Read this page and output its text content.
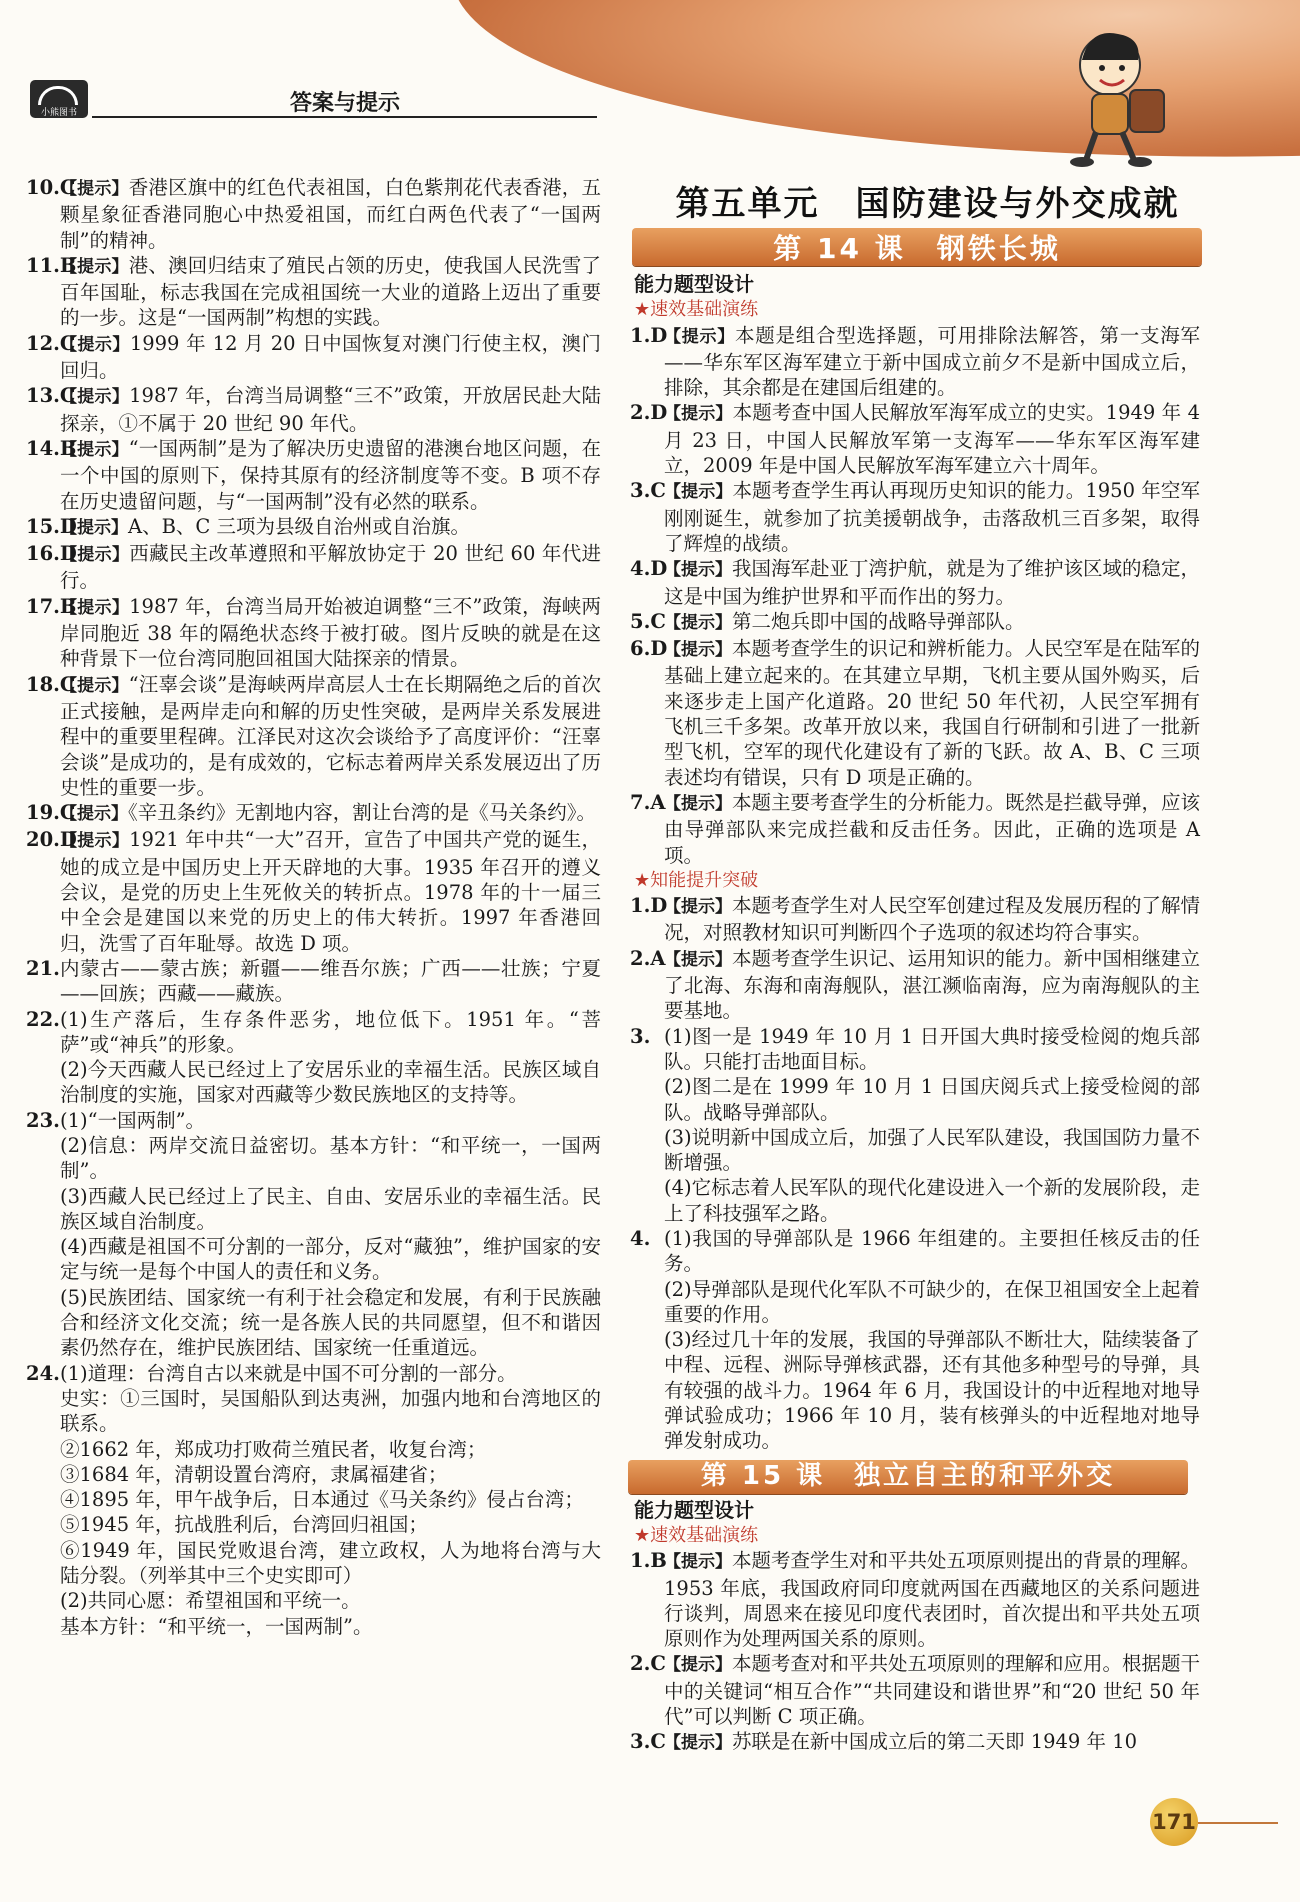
小熊图书	答案与提示

10.C
【提示】香港区旗中的红色代表祖国，白色紫荆花代表香港，五颗星象征香港同胞心中热爱祖国，而红白两色代表了“一国两制”的精神。

11.B
【提示】港、澳回归结束了殖民占领的历史，使我国人民洗雪了百年国耻，标志我国在完成祖国统一大业的道路上迈出了重要的一步。这是“一国两制”构想的实践。

12.C
【提示】1999 年 12 月 20 日中国恢复对澳门行使主权，澳门回归。

13.C
【提示】1987 年，台湾当局调整“三不”政策，开放居民赴大陆探亲，①不属于 20 世纪 90 年代。

14.B
【提示】“一国两制”是为了解决历史遗留的港澳台地区问题，在一个中国的原则下，保持其原有的经济制度等不变。B 项不存在历史遗留问题，与“一国两制”没有必然的联系。

15.D
【提示】A、B、C 三项为县级自治州或自治旗。

16.D
【提示】西藏民主改革遵照和平解放协定于 20 世纪 60 年代进行。

17.B
【提示】1987 年，台湾当局开始被迫调整“三不”政策，海峡两岸同胞近 38 年的隔绝状态终于被打破。图片反映的就是在这种背景下一位台湾同胞回祖国大陆探亲的情景。

18.C
【提示】“汪辜会谈”是海峡两岸高层人士在长期隔绝之后的首次正式接触，是两岸走向和解的历史性突破，是两岸关系发展进程中的重要里程碑。江泽民对这次会谈给予了高度评价：“汪辜会谈”是成功的，是有成效的，它标志着两岸关系发展迈出了历史性的重要一步。

19.C
【提示】《辛丑条约》无割地内容，割让台湾的是《马关条约》。

20.D
【提示】1921 年中共“一大”召开，宣告了中国共产党的诞生，她的成立是中国历史上开天辟地的大事。1935 年召开的遵义会议，是党的历史上生死攸关的转折点。1978 年的十一届三中全会是建国以来党的历史上的伟大转折。1997 年香港回归，洗雪了百年耻辱。故选 D 项。

21. 内蒙古——蒙古族；新疆——维吾尔族；广西——壮族；宁夏——回族；西藏——藏族。

22. (1)生产落后，生存条件恶劣，地位低下。1951 年。“菩萨”或“神兵”的形象。

(2)今天西藏人民已经过上了安居乐业的幸福生活。民族区域自治制度的实施，国家对西藏等少数民族地区的支持等。

23. (1)“一国两制”。

(2)信息：两岸交流日益密切。基本方针：“和平统一，一国两制”。

(3)西藏人民已经过上了民主、自由、安居乐业的幸福生活。民族区域自治制度。

(4)西藏是祖国不可分割的一部分，反对“藏独”，维护国家的安定与统一是每个中国人的责任和义务。

(5)民族团结、国家统一有利于社会稳定和发展，有利于民族融合和经济文化交流；统一是各族人民的共同愿望，但不和谐因素仍然存在，维护民族团结、国家统一任重道远。

24. (1)道理：台湾自古以来就是中国不可分割的一部分。

史实：①三国时，吴国船队到达夷洲，加强内地和台湾地区的联系。

②1662 年，郑成功打败荷兰殖民者，收复台湾；

③1684 年，清朝设置台湾府，隶属福建省；

④1895 年，甲午战争后，日本通过《马关条约》侵占台湾；

⑤1945 年，抗战胜利后，台湾回归祖国；

⑥1949 年，国民党败退台湾，建立政权，人为地将台湾与大陆分裂。（列举其中三个史实即可）

(2)共同心愿：希望祖国和平统一。

基本方针：“和平统一，一国两制”。

第五单元　国防建设与外交成就
第 14 课　钢铁长城

能力题型设计

★速效基础演练

1.D
【提示】本题是组合型选择题，可用排除法解答，第一支海军——华东军区海军建立于新中国成立前夕不是新中国成立后，排除，其余都是在建国后组建的。

2.D
【提示】本题考查中国人民解放军海军成立的史实。1949 年 4 月 23 日，中国人民解放军第一支海军——华东军区海军建立，2009 年是中国人民解放军海军建立六十周年。

3.C
【提示】本题考查学生再认再现历史知识的能力。1950 年空军刚刚诞生，就参加了抗美援朝战争，击落敌机三百多架，取得了辉煌的战绩。

4.D
【提示】我国海军赴亚丁湾护航，就是为了维护该区域的稳定，这是中国为维护世界和平而作出的努力。

5.C
【提示】第二炮兵即中国的战略导弹部队。

6.D
【提示】本题考查学生的识记和辨析能力。人民空军是在陆军的基础上建立起来的。在其建立早期，飞机主要从国外购买，后来逐步走上国产化道路。20 世纪 50 年代初，人民空军拥有飞机三千多架。改革开放以来，我国自行研制和引进了一批新型飞机，空军的现代化建设有了新的飞跃。故 A、B、C 三项表述均有错误，只有 D 项是正确的。

7.A
【提示】本题主要考查学生的分析能力。既然是拦截导弹，应该由导弹部队来完成拦截和反击任务。因此，正确的选项是 A 项。

★知能提升突破

1.D
【提示】本题考查学生对人民空军创建过程及发展历程的了解情况，对照教材知识可判断四个子选项的叙述均符合事实。

2.A
【提示】本题考查学生识记、运用知识的能力。新中国相继建立了北海、东海和南海舰队，湛江濒临南海，应为南海舰队的主要基地。

3. (1)图一是 1949 年 10 月 1 日开国大典时接受检阅的炮兵部队。只能打击地面目标。

(2)图二是在 1999 年 10 月 1 日国庆阅兵式上接受检阅的部队。战略导弹部队。

(3)说明新中国成立后，加强了人民军队建设，我国国防力量不断增强。

(4)它标志着人民军队的现代化建设进入一个新的发展阶段，走上了科技强军之路。

4. (1)我国的导弹部队是 1966 年组建的。主要担任核反击的任务。

(2)导弹部队是现代化军队不可缺少的，在保卫祖国安全上起着重要的作用。

(3)经过几十年的发展，我国的导弹部队不断壮大，陆续装备了中程、远程、洲际导弹核武器，还有其他多种型号的导弹，具有较强的战斗力。1964 年 6 月，我国设计的中近程地对地导弹试验成功；1966 年 10 月，装有核弹头的中近程地对地导弹发射成功。

第 15 课　独立自主的和平外交

能力题型设计

★速效基础演练

1.B
【提示】本题考查学生对和平共处五项原则提出的背景的理解。1953 年底，我国政府同印度就两国在西藏地区的关系问题进行谈判，周恩来在接见印度代表团时，首次提出和平共处五项原则作为处理两国关系的原则。

2.C
【提示】本题考查对和平共处五项原则的理解和应用。根据题干中的关键词“相互合作”“共同建设和谐世界”和“20 世纪 50 年代”可以判断 C 项正确。

3.C
【提示】苏联是在新中国成立后的第二天即 1949 年 10

171
